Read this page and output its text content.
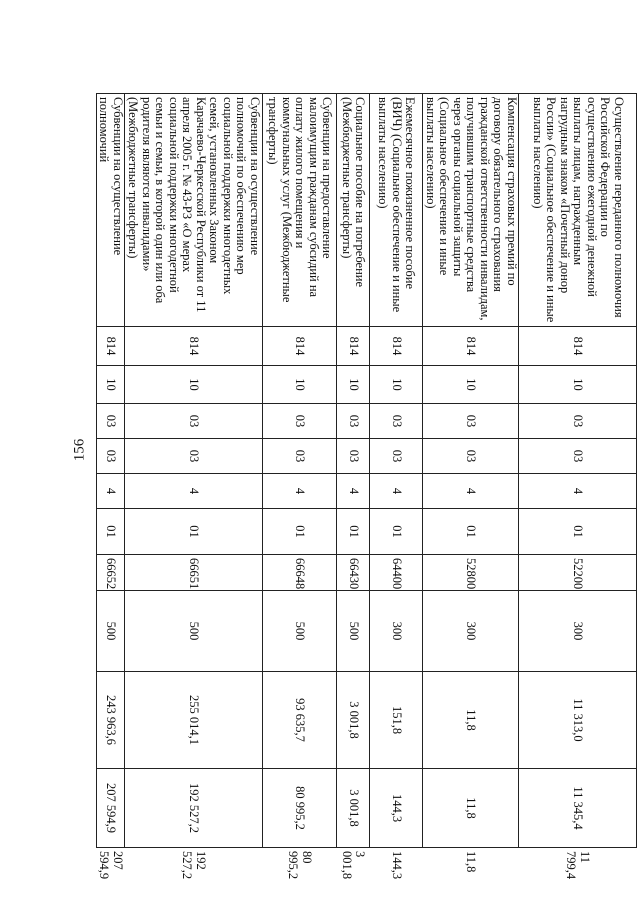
156
Осуществление переданного полномочия Российской Федерации по осуществлению ежегодной денежной выплаты лицам, награжденным нагрудным знаком «Почетный донор России» (Социальное обеспечение и иные выплаты населению)	814	10	03	03	4	01	52200	300	11 313,0	11 345,4	11 799,4
Компенсация страховых премий по договору обязательного страхования гражданской ответственности инвалидам, получившим транспортные средства через органы социальной защиты (Социальное обеспечение и иные выплаты населению)	814	10	03	03	4	01	52800	300	11,8	11,8	11,8
Ежемесячное пожизненное пособие (ВИЧ) (Социальное обеспечение и иные выплаты населению)	814	10	03	03	4	01	64400	300	151,8	144,3	144,3
Социальное пособие на погребение (Межбюджетные трансферты)	814	10	03	03	4	01	66430	500	3 001,8	3 001,8	3 001,8
Субвенции на предоставление малоимущим гражданам субсидий на оплату жилого помещения и коммунальных услуг (Межбюджетные трансферты)	814	10	03	03	4	01	66648	500	93 635,7	80 995,2	80 995,2
Субвенции на осуществление полномочий по обеспечению мер социальной поддержки многодетных семей, установленных Законом Карачаево-Черкесской Республики от 11 апреля 2005 г. № 43-РЗ «О мерах социальной поддержки многодетной семьи и семьи, в которой один или оба родителя являются инвалидами» (Межбюджетные трансферты)	814	10	03	03	4	01	66651	500	255 014,1	192 527,2	192 527,2
Субвенции на осуществление полномочий	814	10	03	03	4	01	66652	500	243 963,6	207 594,9	207 594,9
